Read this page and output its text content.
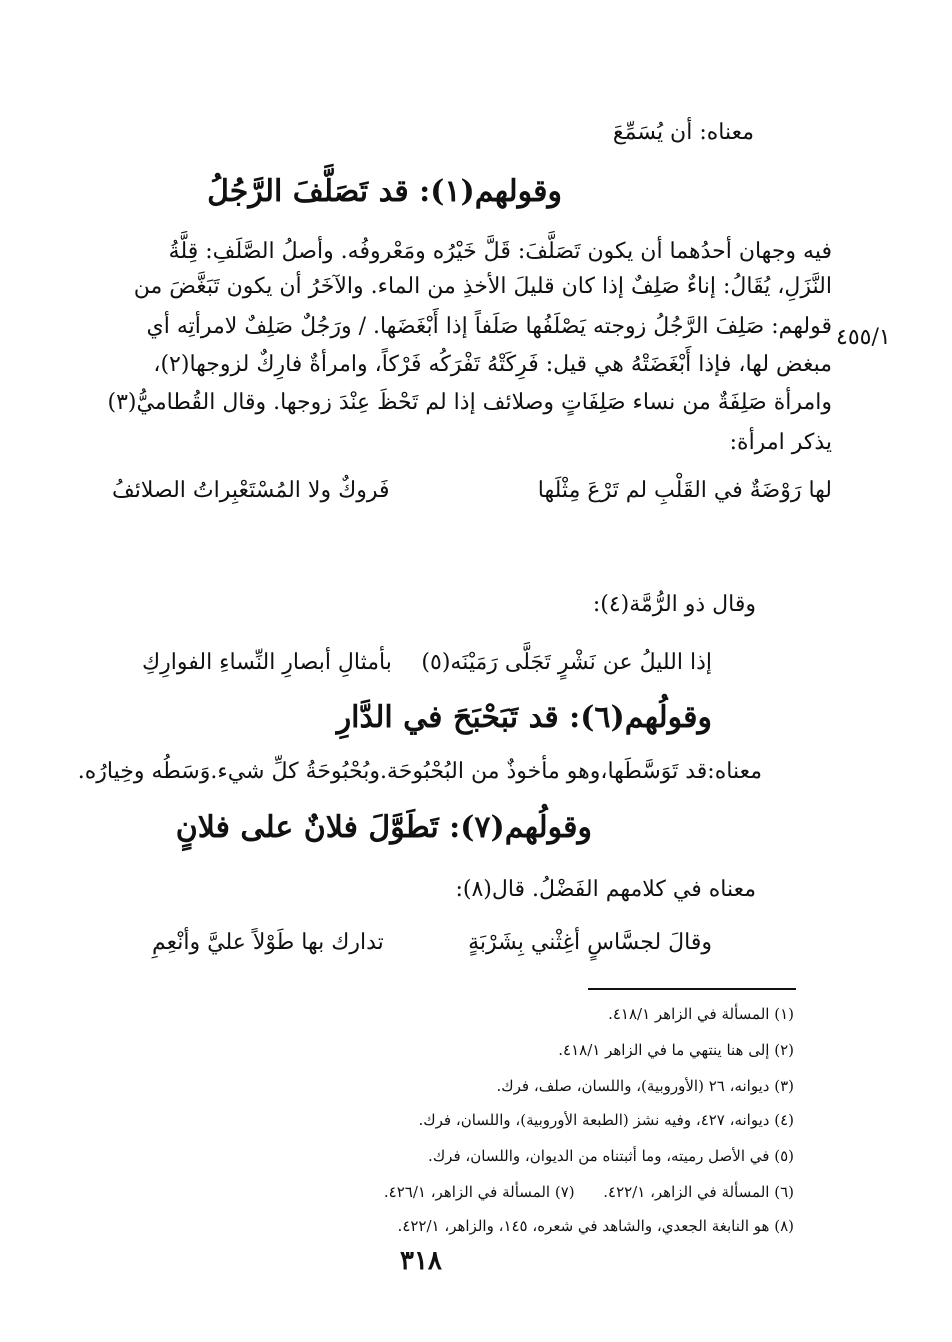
٤٥٥/١
معناه: أن يُسَمِّعَ
وقولهم(١): قد تَصَلَّفَ الرَّجُلُ
فيه وجهان أحدُهما أن يكون تَصَلَّفَ: قَلَّ خَيْرُه ومَعْروفُه. وأصلُ الصَّلَفِ: قِلَّةُ
النَّزَلِ، يُقَالُ: إناءٌ صَلِفٌ إذا كان قليلَ الأخذِ من الماء. والآخَرُ أن يكون تَبَغَّضَ من
قولهم: صَلِفَ الرَّجُلُ زوجته يَصْلَفُها صَلَفاً إذا أَبْغَضَها. / ورَجُلٌ صَلِفٌ لامرأتِه أي
مبغض لها، فإذا أَبْغَضَتْهُ هي قيل: فَرِكَتْهُ تَفْرَكُه فَرْكاً، وامرأةٌ فارِكٌ لزوجها(٢)،
وامرأة صَلِفَةٌ من نساء صَلِفَاتٍ وصلائف إذا لم تَحْظَ عِنْدَ زوجها. وقال القُطاميُّ(٣)
يذكر امرأة:
لها رَوْضَةٌ في القَلْبِ لم تَرْعَ مِثْلَها
فَروكٌ ولا المُسْتَعْبِراتُ الصلائفُ
وقال ذو الرُّمَّة(٤):
إذا الليلُ عن نَشْرٍ تَجَلَّى رَمَيْنَه(٥)
بأمثالِ أبصارِ النِّساءِ الفوارِكِ
وقولُهم(٦): قد تَبَحْبَحَ في الدَّارِ
معناه:قد تَوَسَّطَها،وهو مأخوذٌ من البُحْبُوحَة.وبُحْبُوحَةُ كلِّ شيء.وَسَطُه وخِيارُه.
وقولُهم(٧): تَطَوَّلَ فلانٌ على فلانٍ
معناه في كلامهم الفَضْلُ. قال(٨):
وقالَ لجسَّاسٍ أغِثْني بِشَرْبَةٍ
تدارك بها طَوْلاً عليَّ وأنْعِمِ
(١) المسألة في الزاهر ٤١٨/١.
(٢) إلى هنا ينتهي ما في الزاهر ٤١٨/١.
(٣) ديوانه، ٢٦ (الأوروبية)، واللسان، صلف، فرك.
(٤) ديوانه، ٤٢٧، وفيه نشز (الطبعة الأوروبية)، واللسان، فرك.
(٥) في الأصل رميته، وما أثبتناه من الديوان، واللسان، فرك.
(٦) المسألة في الزاهر، ٤٢٢/١.      (٧) المسألة في الزاهر، ٤٢٦/١.
(٨) هو النابغة الجعدي، والشاهد في شعره، ١٤٥، والزاهر، ٤٢٢/١.
٣١٨
